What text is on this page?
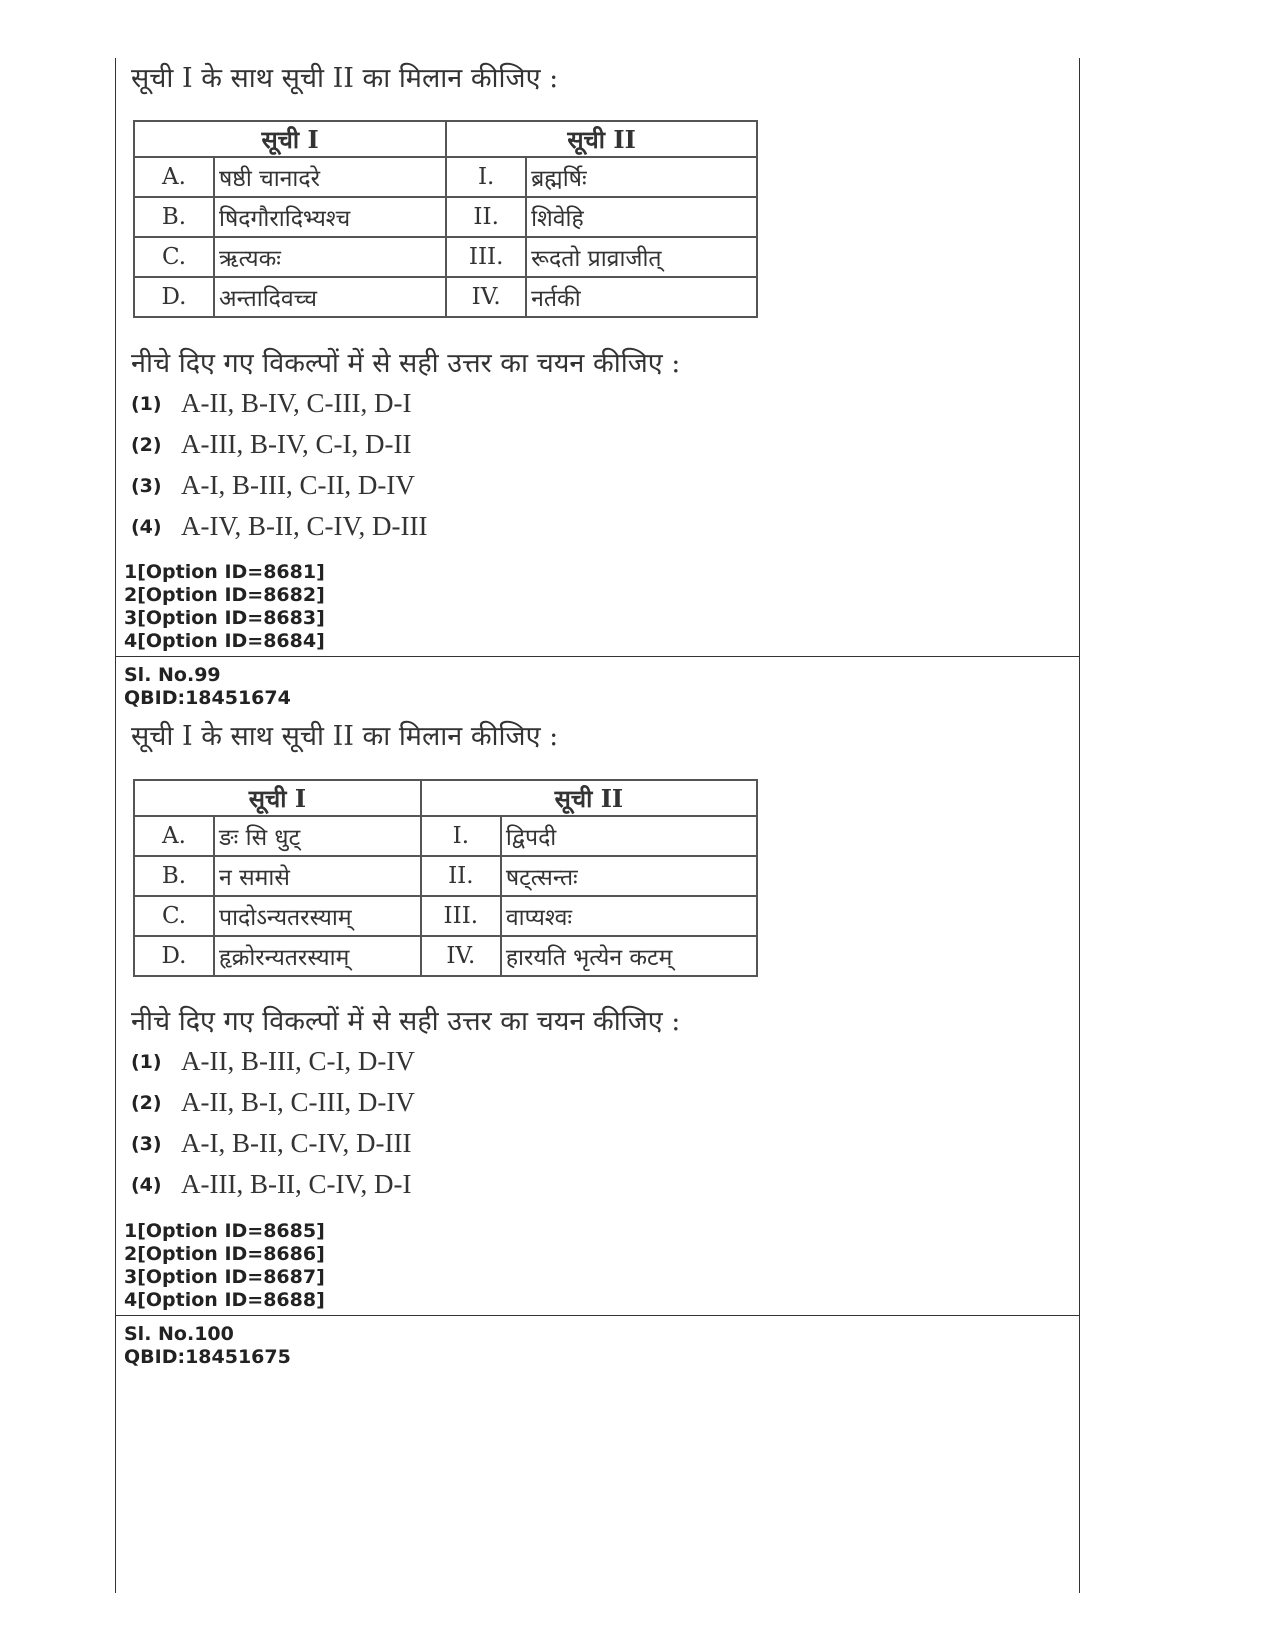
सूची I के साथ सूची II का मिलान कीजिए :
सूची I		सूची II	
A.	षष्ठी चानादरे	I.	ब्रह्मर्षिः
B.	षिदगौरादिभ्यश्च	II.	शिवेहि
C.	ऋत्यकः	III.	रूदतो प्राव्राजीत्
D.	अन्तादिवच्च	IV.	नर्तकी
नीचे दिए गए विकल्पों में से सही उत्तर का चयन कीजिए :
(1) A-II, B-IV, C-III, D-I
(2) A-III, B-IV, C-I, D-II
(3) A-I, B-III, C-II, D-IV
(4) A-IV, B-II, C-IV, D-III
1[Option ID=8681]
2[Option ID=8682]
3[Option ID=8683]
4[Option ID=8684]
Sl. No.99
QBID:18451674
सूची I के साथ सूची II का मिलान कीजिए :
सूची I		सूची II	
A.	ङः सि धुट्	I.	द्विपदी
B.	न समासे	II.	षट्त्सन्तः
C.	पादोऽन्यतरस्याम्	III.	वाप्यश्वः
D.	हृक्रोरन्यतरस्याम्	IV.	हारयति भृत्येन कटम्
नीचे दिए गए विकल्पों में से सही उत्तर का चयन कीजिए :
(1) A-II, B-III, C-I, D-IV
(2) A-II, B-I, C-III, D-IV
(3) A-I, B-II, C-IV, D-III
(4) A-III, B-II, C-IV, D-I
1[Option ID=8685]
2[Option ID=8686]
3[Option ID=8687]
4[Option ID=8688]
Sl. No.100
QBID:18451675
